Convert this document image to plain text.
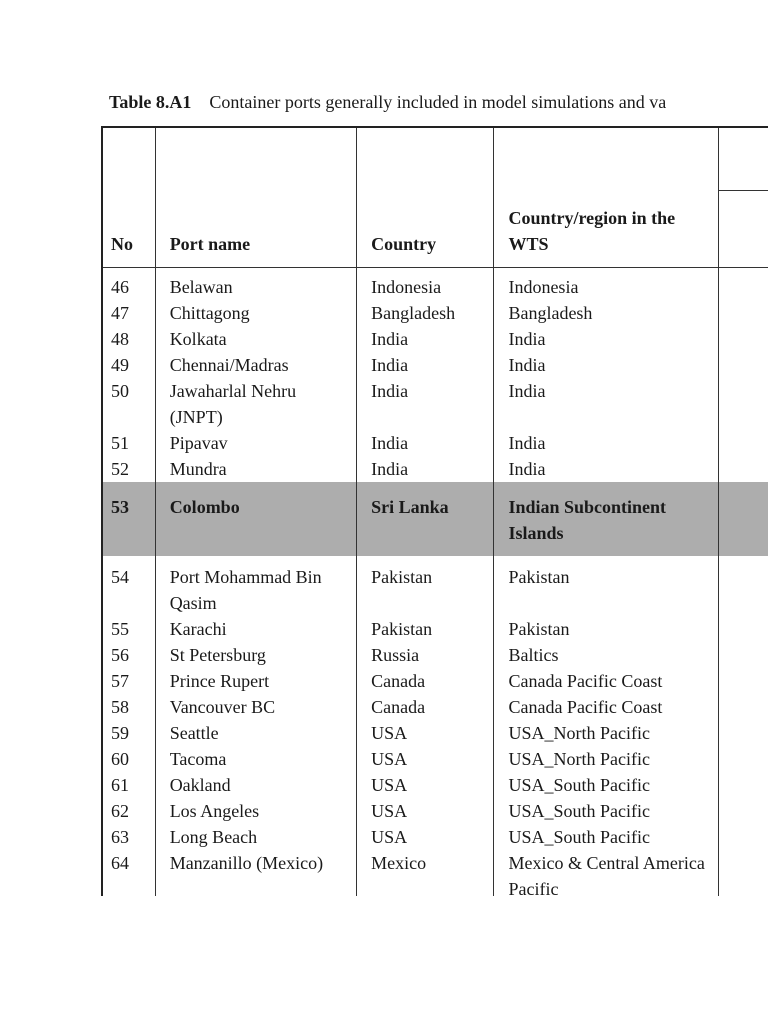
Table 8.A1 Container ports generally included in model simulations and va
No	Port name	Country	Country/region in the WTS	

46	Belawan	Indonesia	Indonesia	

47	Chittagong	Bangladesh	Bangladesh	

48	Kolkata	India	India	

49	Chennai/Madras	India	India	

50	Jawaharlal Nehru (JNPT)	India	India	

51	Pipavav	India	India	

52	Mundra	India	India	

53	Colombo	Sri Lanka	Indian Subcontinent Islands	

54	Port Mohammad Bin Qasim	Pakistan	Pakistan	

55	Karachi	Pakistan	Pakistan	

56	St Petersburg	Russia	Baltics	

57	Prince Rupert	Canada	Canada Pacific Coast	

58	Vancouver BC	Canada	Canada Pacific Coast	

59	Seattle	USA	USA_North Pacific	

60	Tacoma	USA	USA_North Pacific	

61	Oakland	USA	USA_South Pacific	

62	Los Angeles	USA	USA_South Pacific	

63	Long Beach	USA	USA_South Pacific	

64	Manzanillo (Mexico)	Mexico	Mexico & Central America Pacific	
